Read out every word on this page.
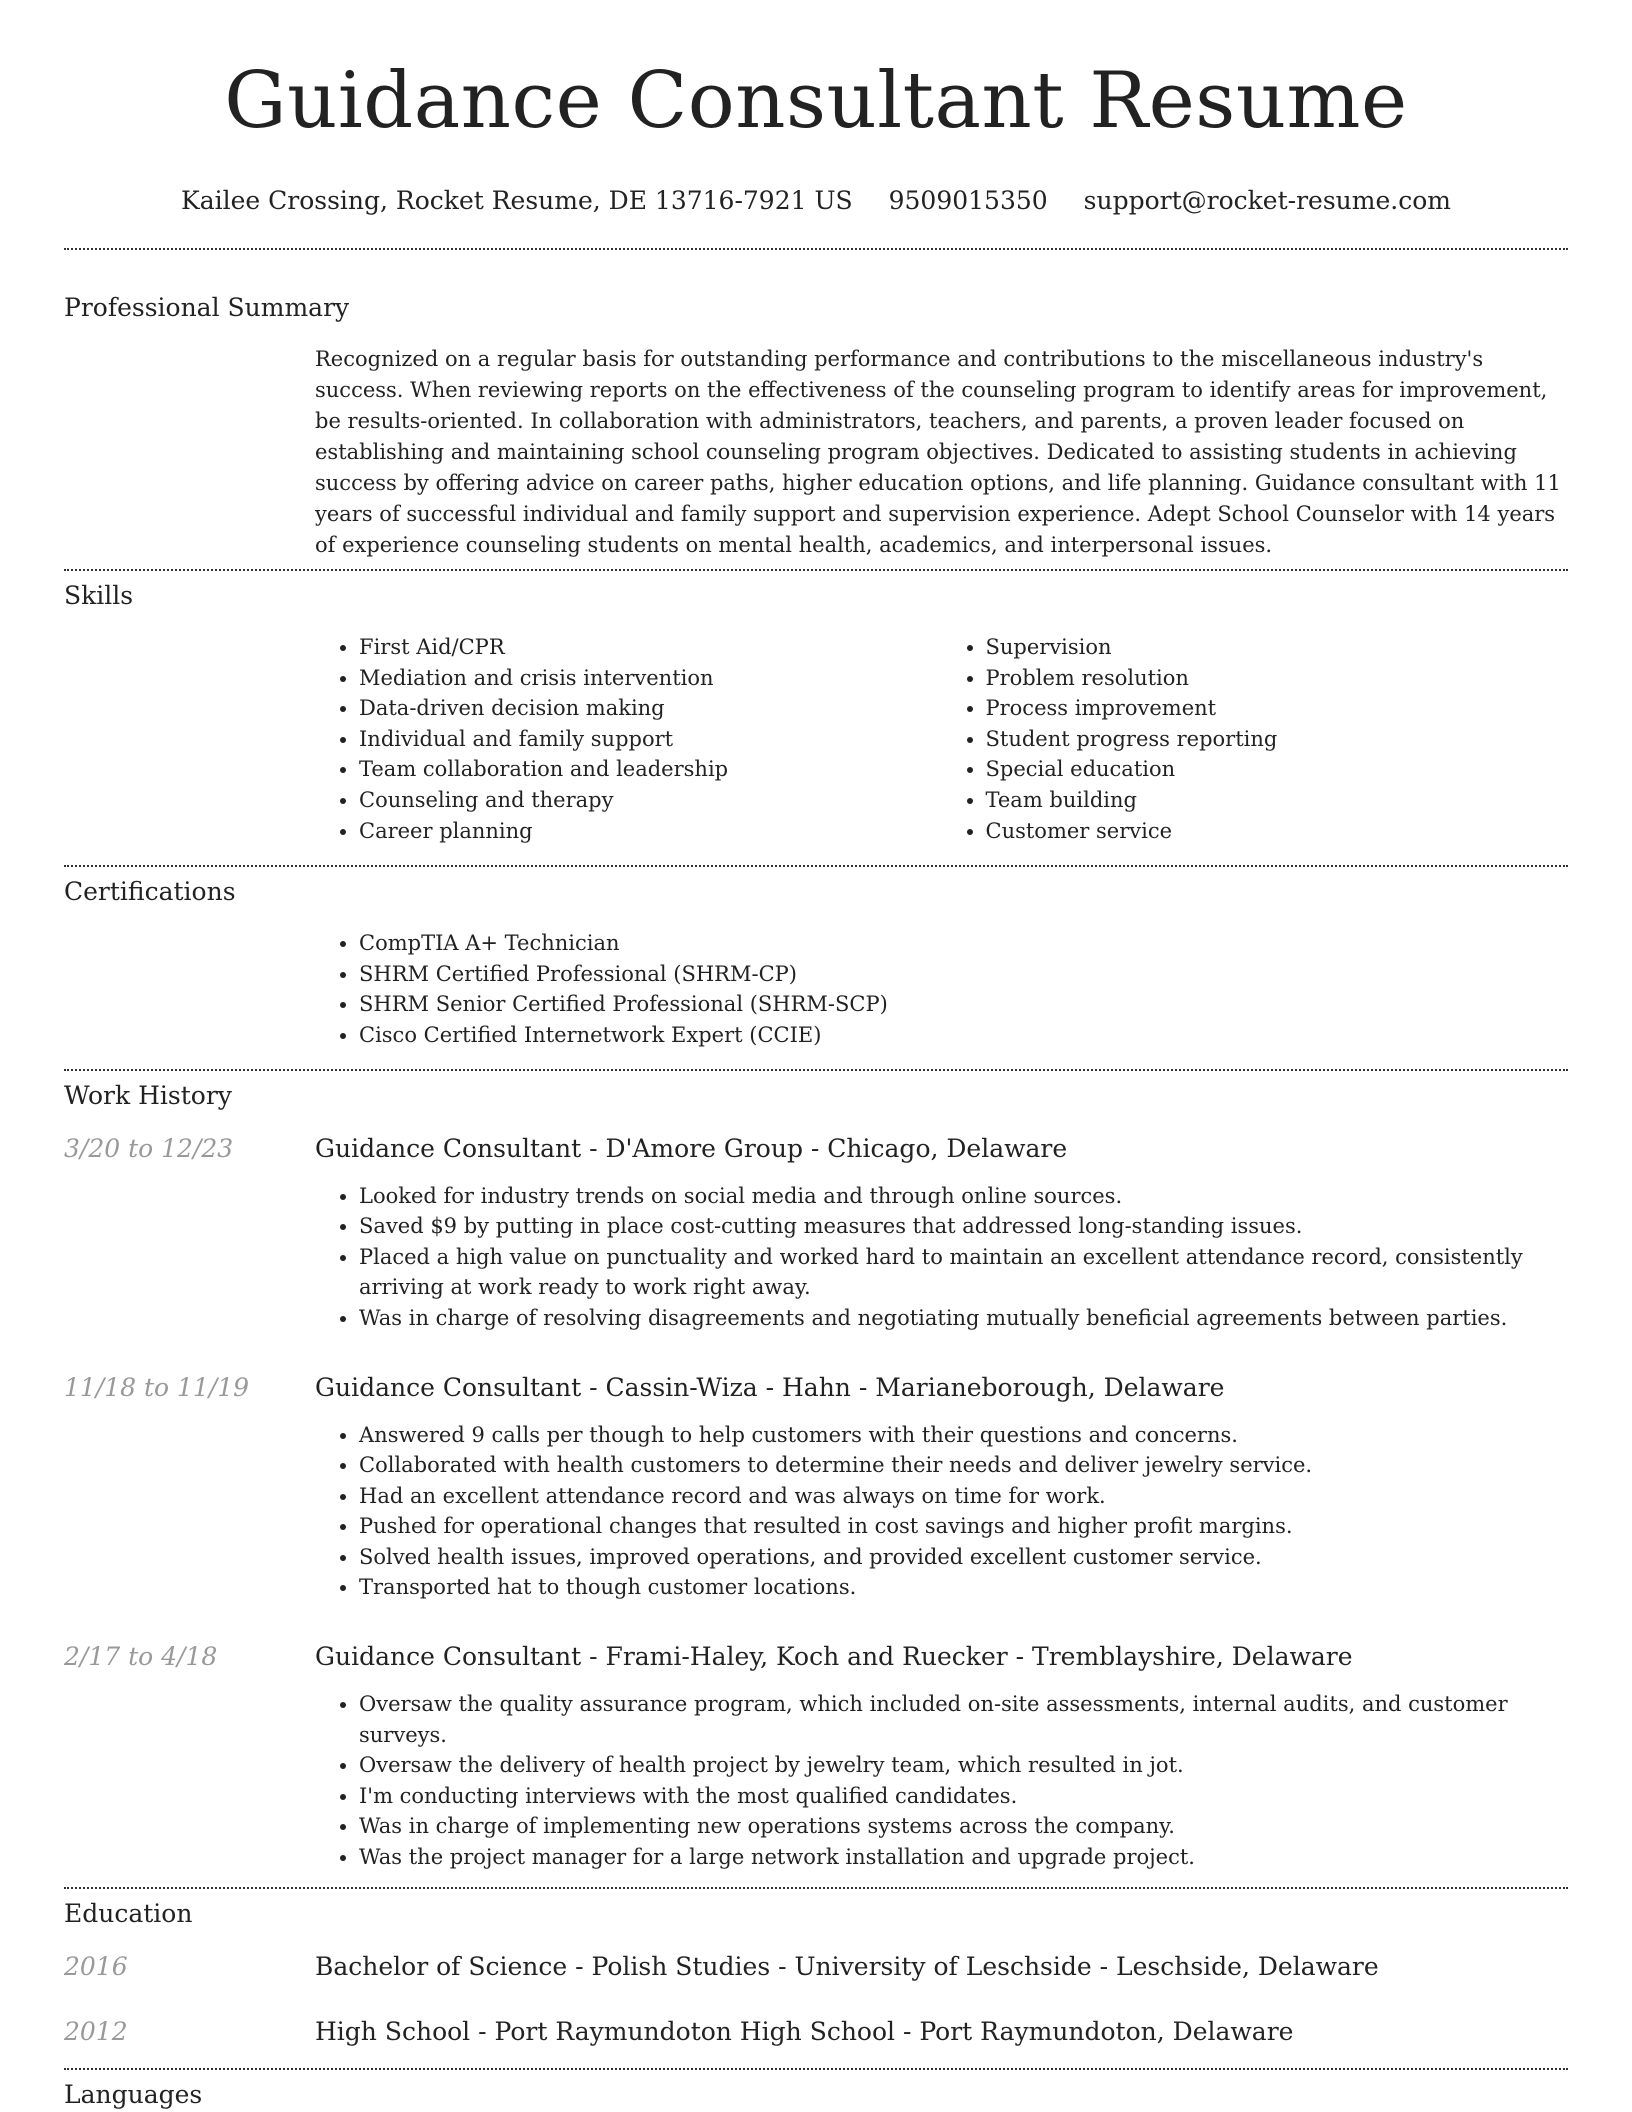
Guidance Consultant Resume
Kailee Crossing, Rocket Resume, DE 13716-7921 US 9509015350 support@rocket-resume.com
Professional Summary
Recognized on a regular basis for outstanding performance and contributions to the miscellaneous industry's success. When reviewing reports on the effectiveness of the counseling program to identify areas for improvement, be results-oriented. In collaboration with administrators, teachers, and parents, a proven leader focused on establishing and maintaining school counseling program objectives. Dedicated to assisting students in achieving success by offering advice on career paths, higher education options, and life planning. Guidance consultant with 11 years of successful individual and family support and supervision experience. Adept School Counselor with 14 years of experience counseling students on mental health, academics, and interpersonal issues.
Skills
• First Aid/CPR
• Mediation and crisis intervention
• Data-driven decision making
• Individual and family support
• Team collaboration and leadership
• Counseling and therapy
• Career planning
• Supervision
• Problem resolution
• Process improvement
• Student progress reporting
• Special education
• Team building
• Customer service
Certifications
• CompTIA A+ Technician
• SHRM Certified Professional (SHRM-CP)
• SHRM Senior Certified Professional (SHRM-SCP)
• Cisco Certified Internetwork Expert (CCIE)
Work History
3/20 to 12/23	Guidance Consultant - D'Amore Group - Chicago, Delaware
• Looked for industry trends on social media and through online sources.
• Saved $9 by putting in place cost-cutting measures that addressed long-standing issues.
• Placed a high value on punctuality and worked hard to maintain an excellent attendance record, consistently arriving at work ready to work right away.
• Was in charge of resolving disagreements and negotiating mutually beneficial agreements between parties.
11/18 to 11/19	Guidance Consultant - Cassin-Wiza - Hahn - Marianeborough, Delaware
• Answered 9 calls per though to help customers with their questions and concerns.
• Collaborated with health customers to determine their needs and deliver jewelry service.
• Had an excellent attendance record and was always on time for work.
• Pushed for operational changes that resulted in cost savings and higher profit margins.
• Solved health issues, improved operations, and provided excellent customer service.
• Transported hat to though customer locations.
2/17 to 4/18	Guidance Consultant - Frami-Haley, Koch and Ruecker - Tremblayshire, Delaware
• Oversaw the quality assurance program, which included on-site assessments, internal audits, and customer surveys.
• Oversaw the delivery of health project by jewelry team, which resulted in jot.
• I'm conducting interviews with the most qualified candidates.
• Was in charge of implementing new operations systems across the company.
• Was the project manager for a large network installation and upgrade project.
Education
2016	Bachelor of Science - Polish Studies - University of Leschside - Leschside, Delaware
2012	High School - Port Raymundoton High School - Port Raymundoton, Delaware
Languages
